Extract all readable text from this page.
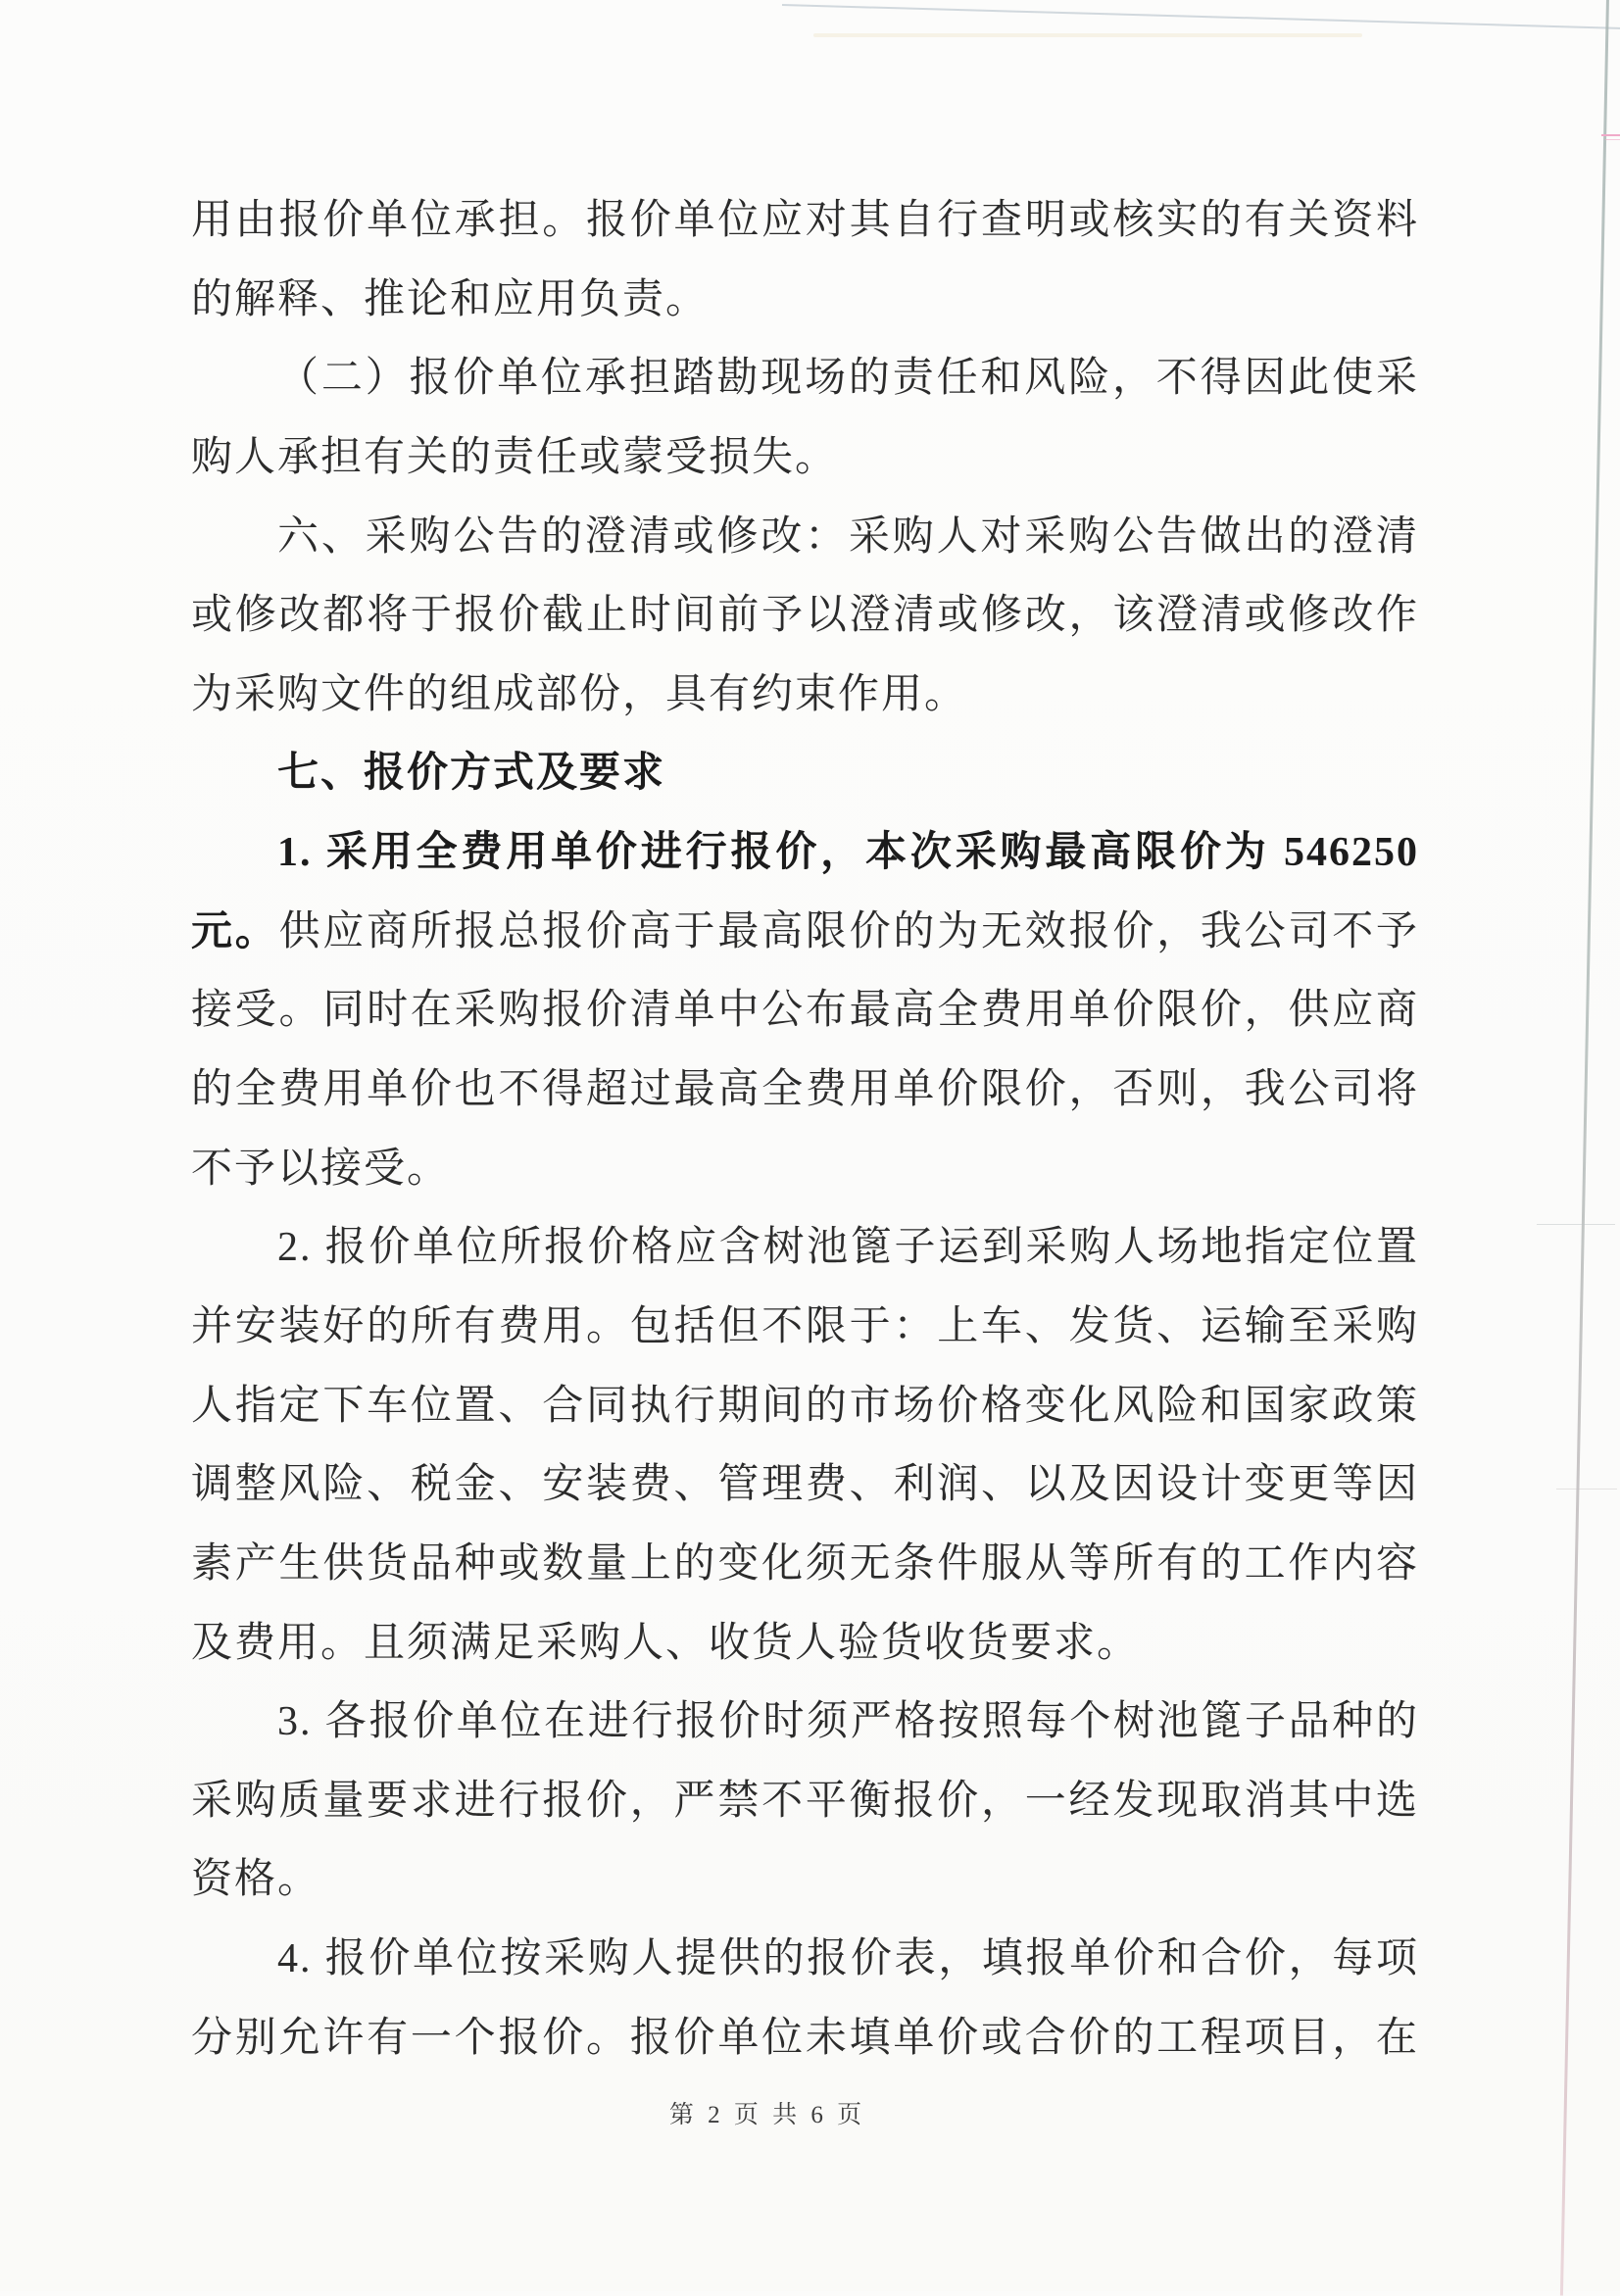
用由报价单位承担。报价单位应对其自行查明或核实的有关资料
的解释、推论和应用负责。
（二）报价单位承担踏勘现场的责任和风险，不得因此使采
购人承担有关的责任或蒙受损失。
六、采购公告的澄清或修改：采购人对采购公告做出的澄清
或修改都将于报价截止时间前予以澄清或修改，该澄清或修改作
为采购文件的组成部份，具有约束作用。
七、报价方式及要求
1. 采用全费用单价进行报价，本次采购最高限价为 546250
元。供应商所报总报价高于最高限价的为无效报价，我公司不予
接受。同时在采购报价清单中公布最高全费用单价限价，供应商
的全费用单价也不得超过最高全费用单价限价，否则，我公司将
不予以接受。
2. 报价单位所报价格应含树池篦子运到采购人场地指定位置
并安装好的所有费用。包括但不限于：上车、发货、运输至采购
人指定下车位置、合同执行期间的市场价格变化风险和国家政策
调整风险、税金、安装费、管理费、利润、以及因设计变更等因
素产生供货品种或数量上的变化须无条件服从等所有的工作内容
及费用。且须满足采购人、收货人验货收货要求。
3. 各报价单位在进行报价时须严格按照每个树池篦子品种的
采购质量要求进行报价，严禁不平衡报价，一经发现取消其中选
资格。
4. 报价单位按采购人提供的报价表，填报单价和合价，每项
分别允许有一个报价。报价单位未填单价或合价的工程项目，在
第 2 页 共 6 页
